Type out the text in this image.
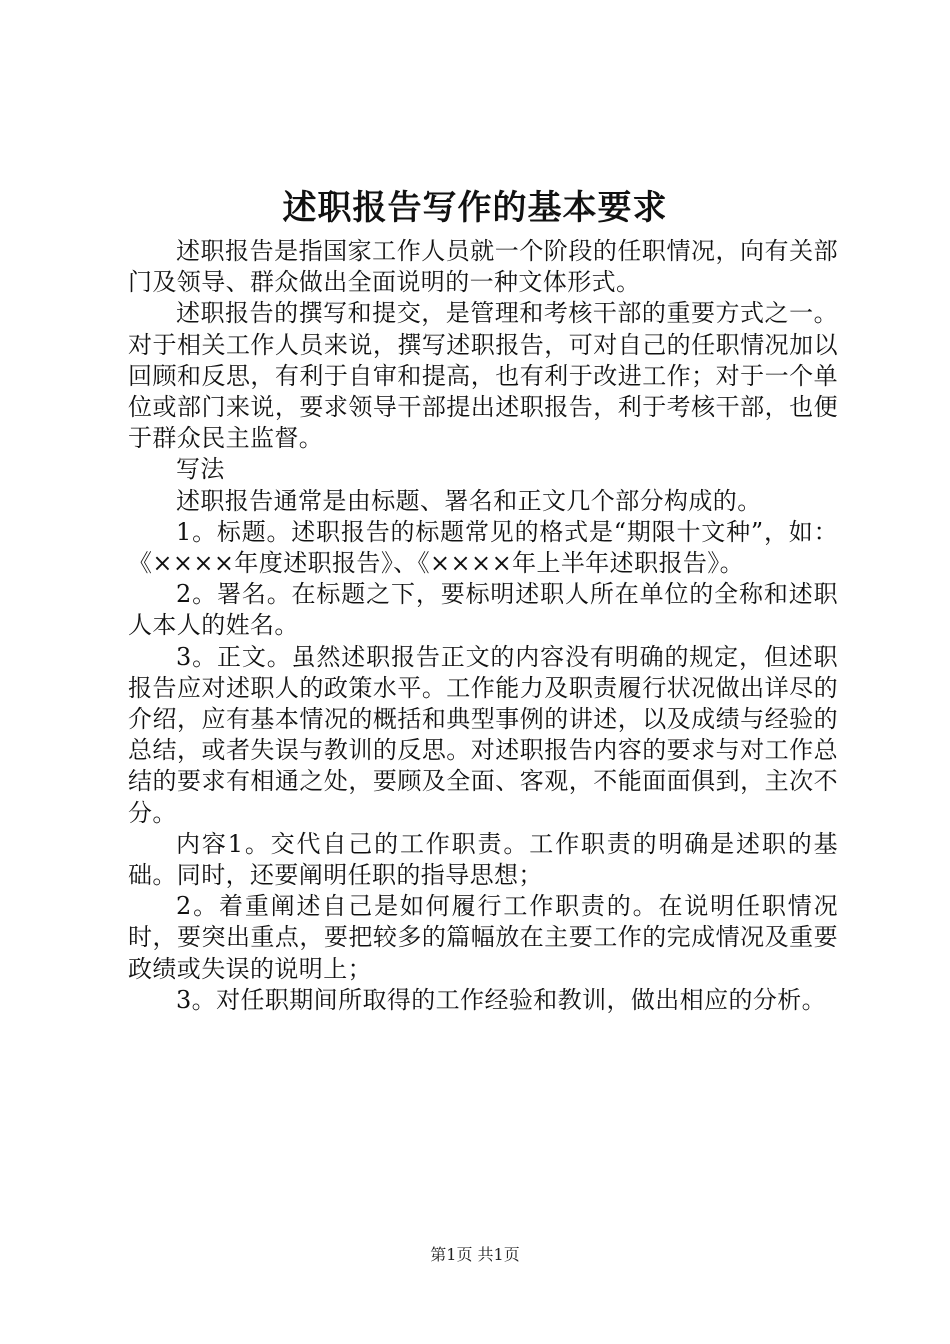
述职报告写作的基本要求

述职报告是指国家工作人员就一个阶段的任职情况，向有关部门及领导、群众做出全面说明的一种文体形式。

述职报告的撰写和提交，是管理和考核干部的重要方式之一。对于相关工作人员来说，撰写述职报告，可对自己的任职情况加以回顾和反思，有利于自审和提高，也有利于改进工作；对于一个单位或部门来说，要求领导干部提出述职报告，利于考核干部，也便于群众民主监督。

写法

述职报告通常是由标题、署名和正文几个部分构成的。

1。标题。述职报告的标题常见的格式是“期限十文种”，如：《××××年度述职报告》、《××××年上半年述职报告》。

2。署名。在标题之下，要标明述职人所在单位的全称和述职人本人的姓名。

3。正文。虽然述职报告正文的内容没有明确的规定，但述职报告应对述职人的政策水平。工作能力及职责履行状况做出详尽的介绍，应有基本情况的概括和典型事例的讲述，以及成绩与经验的总结，或者失误与教训的反思。对述职报告内容的要求与对工作总结的要求有相通之处，要顾及全面、客观，不能面面俱到，主次不分。

内容1。交代自己的工作职责。工作职责的明确是述职的基础。同时，还要阐明任职的指导思想；

2。着重阐述自己是如何履行工作职责的。在说明任职情况时，要突出重点，要把较多的篇幅放在主要工作的完成情况及重要政绩或失误的说明上；

3。对任职期间所取得的工作经验和教训，做出相应的分析。

第1页 共1页
